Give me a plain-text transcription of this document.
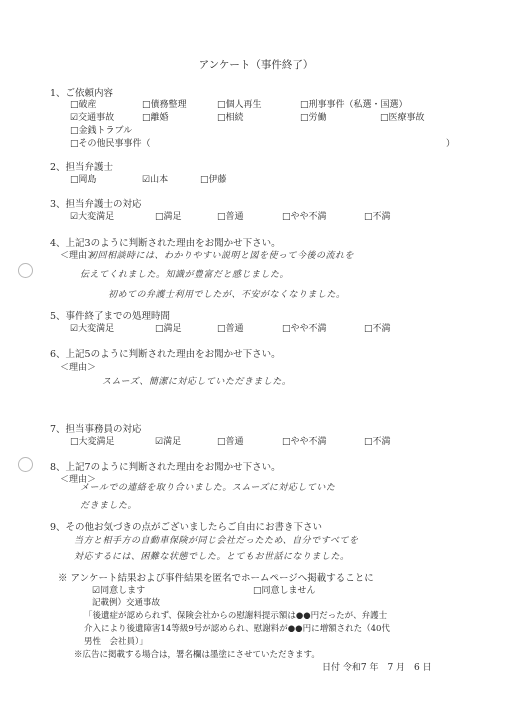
アンケート（事件終了）
1、ご依頼内容
□破産	□債務整理	□個人再生	□刑事事件（私選・国選）
☑交通事故	□離婚	□相続	□労働	□医療事故
□金銭トラブル
□その他民事事件（	）
2、担当弁護士
□岡島	☑山本	□伊藤
3、担当弁護士の対応
☑大変満足	□満足	□普通	□やや不満	□不満
4、上記3のように判断された理由をお聞かせ下さい。
＜理由＞
初回相談時には、わかりやすい説明と図を使って今後の流れを
伝えてくれました。知識が豊富だと感じました。
初めての弁護士利用でしたが、不安がなくなりました。
5、事件終了までの処理時間
☑大変満足	□満足	□普通	□やや不満	□不満
6、上記5のように判断された理由をお聞かせ下さい。
＜理由＞
スムーズ、簡潔に対応していただきました。
7、担当事務員の対応
□大変満足	☑満足	□普通	□やや不満	□不満
8、上記7のように判断された理由をお聞かせ下さい。
＜理由＞
メールでの連絡を取り合いました。スムーズに対応していた
だきました。
9、その他お気づきの点がございましたらご自由にお書き下さい
当方と相手方の自動車保険が同じ会社だったため、自分ですべてを
対応するには、困難な状態でした。とてもお世話になりました。
※ アンケート結果および事件結果を匿名でホームページへ掲載することに
☑同意します	□同意しません
記載例）交通事故
「後遺症が認められず、保険会社からの慰謝料提示額は●●円だったが、弁護士
介入により後遺障害14等級9号が認められ、慰謝料が●●円に増額された（40代
男性　会社員）」
※広告に掲載する場合は，署名欄は墨塗にさせていただきます。
日付 令和7 年　7 月　6 日
